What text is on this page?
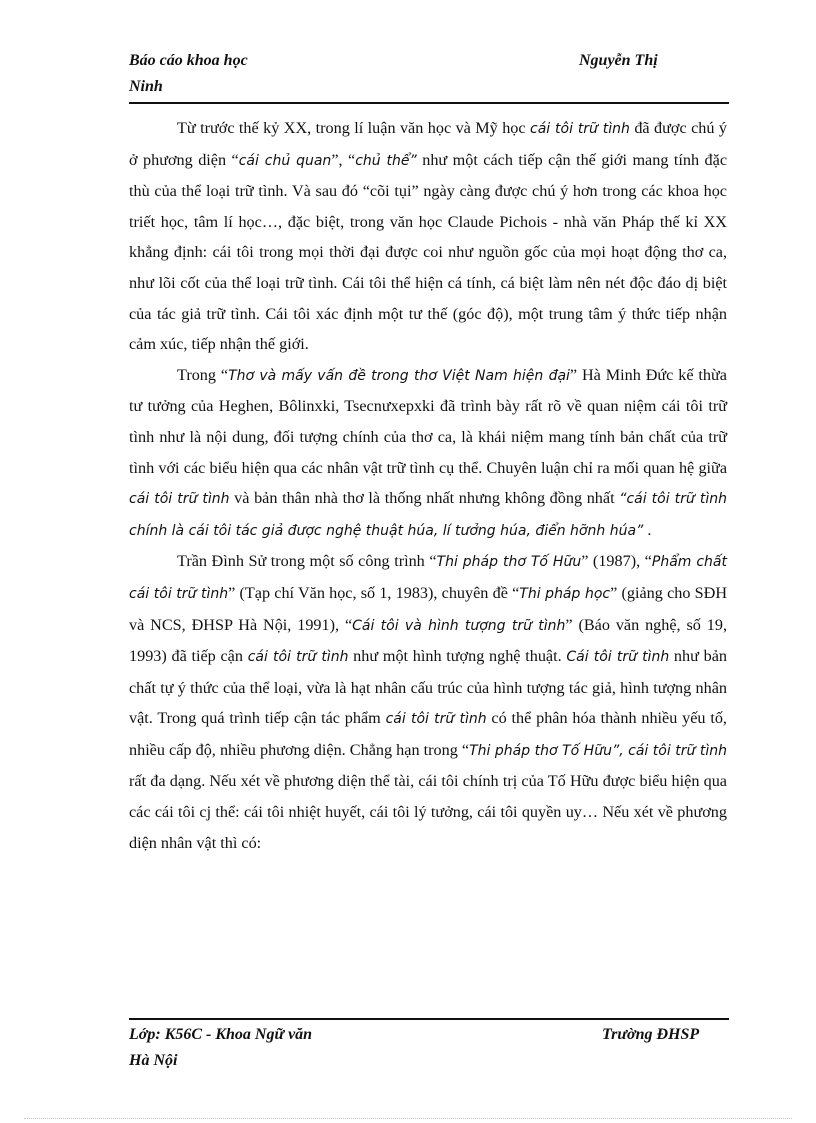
Báo cáo khoa học	Nguyễn Thị
Ninh

Từ trước thế kỷ XX, trong lí luận văn học và Mỹ học cái tôi trữ tình đã được chú ý ở phương diện “cái chủ quan”, “chủ thể” như một cách tiếp cận thế giới mang tính đặc thù của thể loại trữ tình. Và sau đó “cõi tụi” ngày càng được chú ý hơn trong các khoa học triết học, tâm lí học…, đặc biệt, trong văn học Claude Pichois - nhà văn Pháp thế kỉ XX khẳng định: cái tôi trong mọi thời đại được coi như nguồn gốc của mọi hoạt động thơ ca, như lõi cốt của thể loại trữ tình. Cái tôi thể hiện cá tính, cá biệt làm nên nét độc đáo dị biệt của tác giả trữ tình. Cái tôi xác định một tư thế (góc độ), một trung tâm ý thức tiếp nhận cảm xúc, tiếp nhận thế giới.

Trong “Thơ và mấy vấn đề trong thơ Việt Nam hiện đại” Hà Minh Đức kế thừa tư tưởng của Heghen, Bôlinxki, Tsecnưxepxki đã trình bày rất rõ về quan niệm cái tôi trữ tình như là nội dung, đối tượng chính của thơ ca, là khái niệm mang tính bản chất của trữ tình với các biểu hiện qua các nhân vật trữ tình cụ thể. Chuyên luận chỉ ra mối quan hệ giữa cái tôi trữ tình và bản thân nhà thơ là thống nhất nhưng không đồng nhất “cái tôi trữ tình chính là cái tôi tác giả được nghệ thuật húa, lí tưởng húa, điển hỡnh húa” .

Trần Đình Sử trong một số công trình “Thi pháp thơ Tố Hữu” (1987), “Phẩm chất cái tôi trữ tình” (Tạp chí Văn học, số 1, 1983), chuyên đề “Thi pháp học” (giảng cho SĐH và NCS, ĐHSP Hà Nội, 1991), “Cái tôi và hình tượng trữ tình” (Báo văn nghệ, số 19, 1993) đã tiếp cận cái tôi trữ tình như một hình tượng nghệ thuật. Cái tôi trữ tình như bản chất tự ý thức của thể loại, vừa là hạt nhân cấu trúc của hình tượng tác giả, hình tượng nhân vật. Trong quá trình tiếp cận tác phẩm cái tôi trữ tình có thể phân hóa thành nhiều yếu tố, nhiều cấp độ, nhiều phương diện. Chẳng hạn trong “Thi pháp thơ Tố Hữu”, cái tôi trữ tình rất đa dạng. Nếu xét về phương diện thể tài, cái tôi chính trị của Tố Hữu được biểu hiện qua các cái tôi cj thể: cái tôi nhiệt huyết, cái tôi lý tưởng, cái tôi quyền uy… Nếu xét về phương diện nhân vật thì có:

Lớp: K56C - Khoa Ngữ văn	Trường ĐHSP
Hà Nội
